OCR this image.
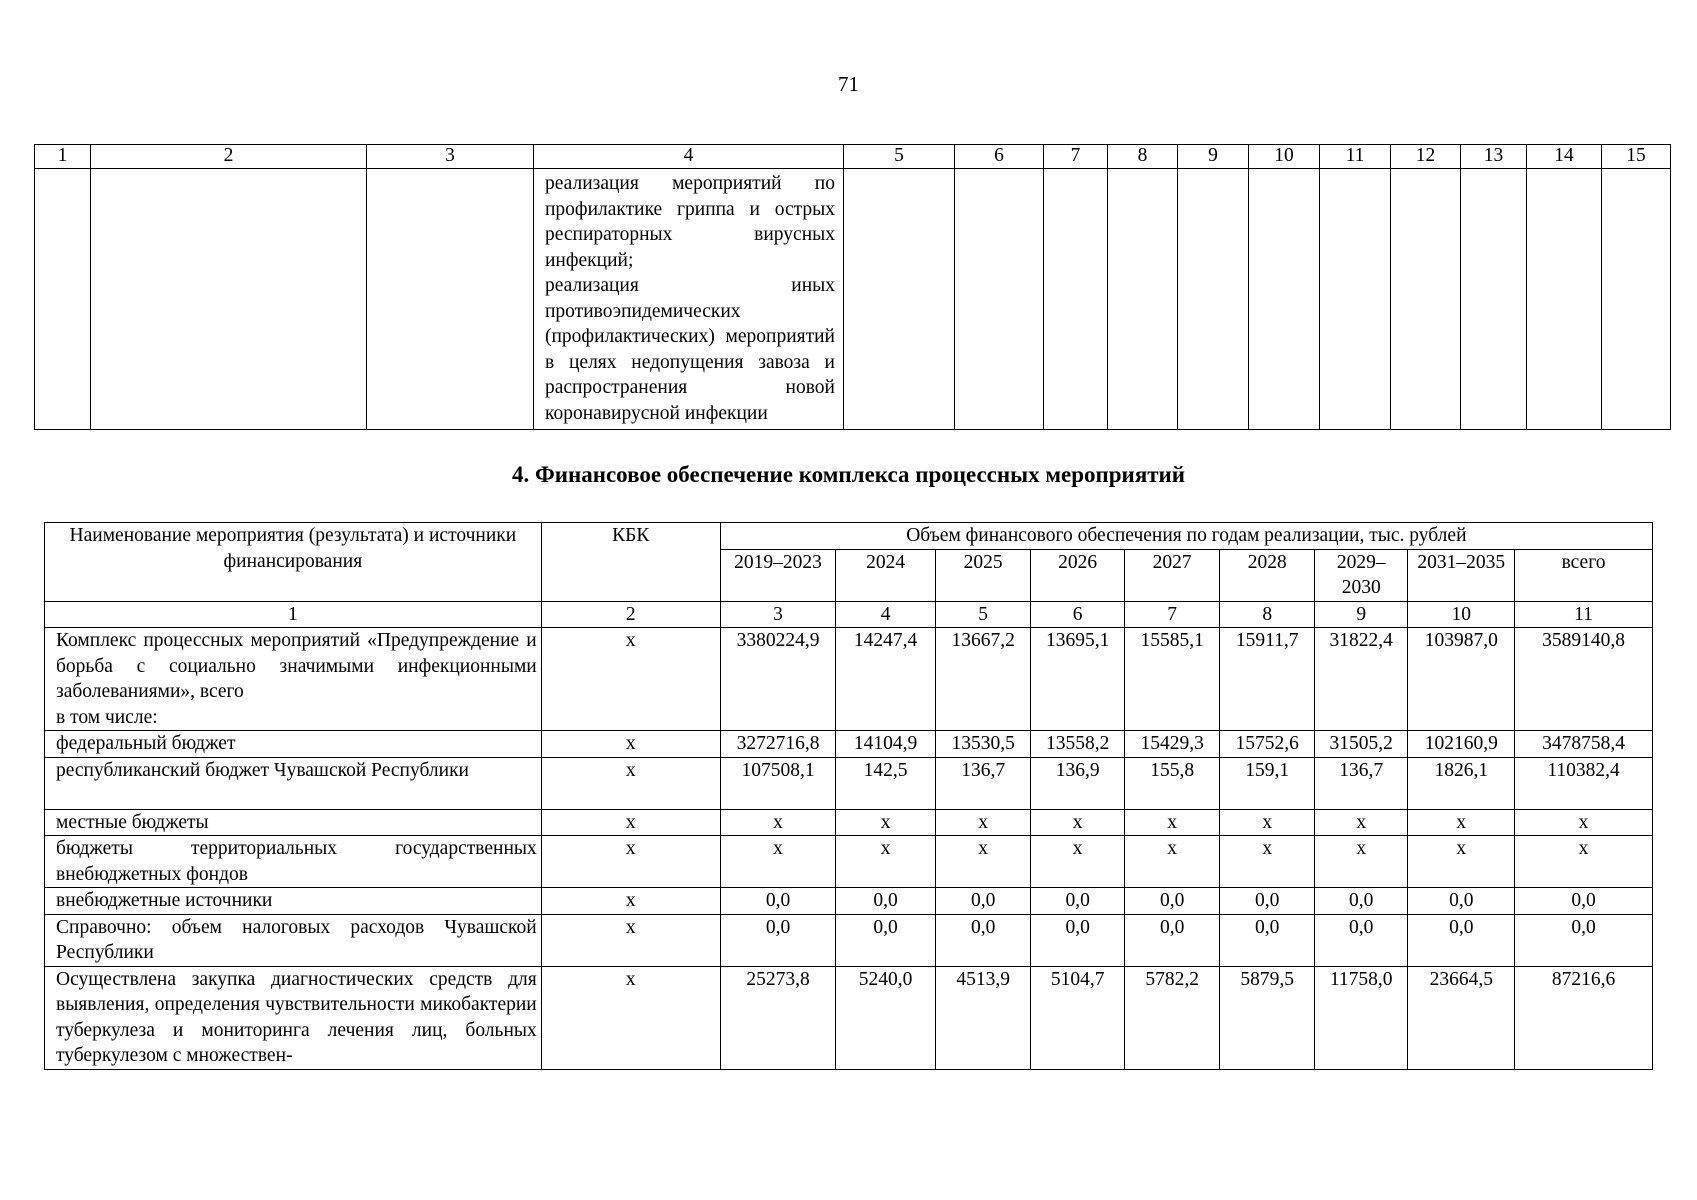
71
1	2	3	4	5	6	7	8	9	10	11	12	13	14	15

			реализация мероприятий по профилактике гриппа и острых респираторных вирусных инфекций;
реализация иных противоэпидемических (профилактических) мероприятий в целях недопущения завоза и распространения новой коронавирусной инфекции											

4. Финансовое обеспечение комплекса процессных мероприятий
Наименование мероприятия (результата) и источники финансирования	КБК	Объем финансового обеспечения по годам реализации, тыс. рублей								
		2019–2023	2024	2025	2026	2027	2028	2029–2030	2031–2035	всего
1	2	3	4	5	6	7	8	9	10	11

Комплекс процессных мероприятий «Предупреждение и борьба с социально значимыми инфекционными заболеваниями», всего
в том числе:	х	3380224,9	14247,4	13667,2	13695,1	15585,1	15911,7	31822,4	103987,0	3589140,8

федеральный бюджет	х	3272716,8	14104,9	13530,5	13558,2	15429,3	15752,6	31505,2	102160,9	3478758,4

республиканский бюджет Чувашской Республики	х	107508,1	142,5	136,7	136,9	155,8	159,1	136,7	1826,1	110382,4

местные бюджеты	х	х	х	х	х	х	х	х	х	х

бюджеты территориальных государственных внебюджетных фондов	х	х	х	х	х	х	х	х	х	х

внебюджетные источники	х	0,0	0,0	0,0	0,0	0,0	0,0	0,0	0,0	0,0

Справочно: объем налоговых расходов Чувашской Республики	х	0,0	0,0	0,0	0,0	0,0	0,0	0,0	0,0	0,0

Осуществлена закупка диагностических средств для выявления, определения чувствительности микобактерии туберкулеза и мониторинга лечения лиц, больных туберкулезом с множествен-	х	25273,8	5240,0	4513,9	5104,7	5782,2	5879,5	11758,0	23664,5	87216,6
